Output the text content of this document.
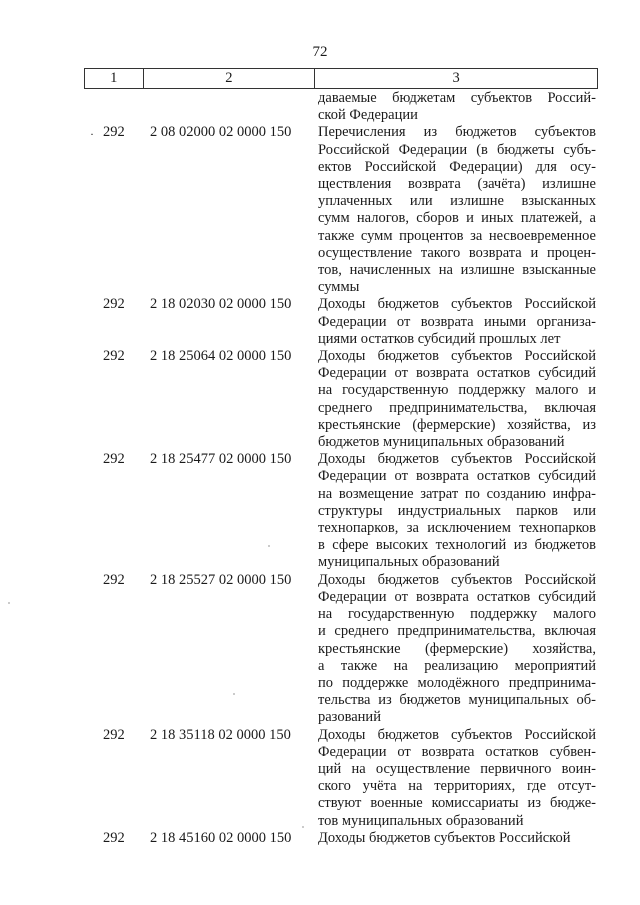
72
1	2	3
даваемые бюджетам субъектов Россий-
ской Федерации
292 2 08 02000 02 0000 150	Перечисления из бюджетов субъектов
Российской Федерации (в бюджеты субъ-
ектов Российской Федерации) для осу-
ществления возврата (зачёта) излишне
уплаченных или излишне взысканных
сумм налогов, сборов и иных платежей, а
также сумм процентов за несвоевременное
осуществление такого возврата и процен-
тов, начисленных на излишне взысканные
суммы
292 2 18 02030 02 0000 150	Доходы бюджетов субъектов Российской
Федерации от возврата иными организа-
циями остатков субсидий прошлых лет
292 2 18 25064 02 0000 150	Доходы бюджетов субъектов Российской
Федерации от возврата остатков субсидий
на государственную поддержку малого и
среднего предпринимательства, включая
крестьянские (фермерские) хозяйства, из
бюджетов муниципальных образований
292 2 18 25477 02 0000 150	Доходы бюджетов субъектов Российской
Федерации от возврата остатков субсидий
на возмещение затрат по созданию инфра-
структуры индустриальных парков или
технопарков, за исключением технопарков
в сфере высоких технологий из бюджетов
муниципальных образований
292 2 18 25527 02 0000 150	Доходы бюджетов субъектов Российской
Федерации от возврата остатков субсидий
на государственную поддержку малого
и среднего предпринимательства, включая
крестьянские (фермерские) хозяйства,
а также на реализацию мероприятий
по поддержке молодёжного предпринима-
тельства из бюджетов муниципальных об-
разований
292 2 18 35118 02 0000 150	Доходы бюджетов субъектов Российской
Федерации от возврата остатков субвен-
ций на осуществление первичного воин-
ского учёта на территориях, где отсут-
ствуют военные комиссариаты из бюдже-
тов муниципальных образований
292 2 18 45160 02 0000 150	Доходы бюджетов субъектов Российской
·
